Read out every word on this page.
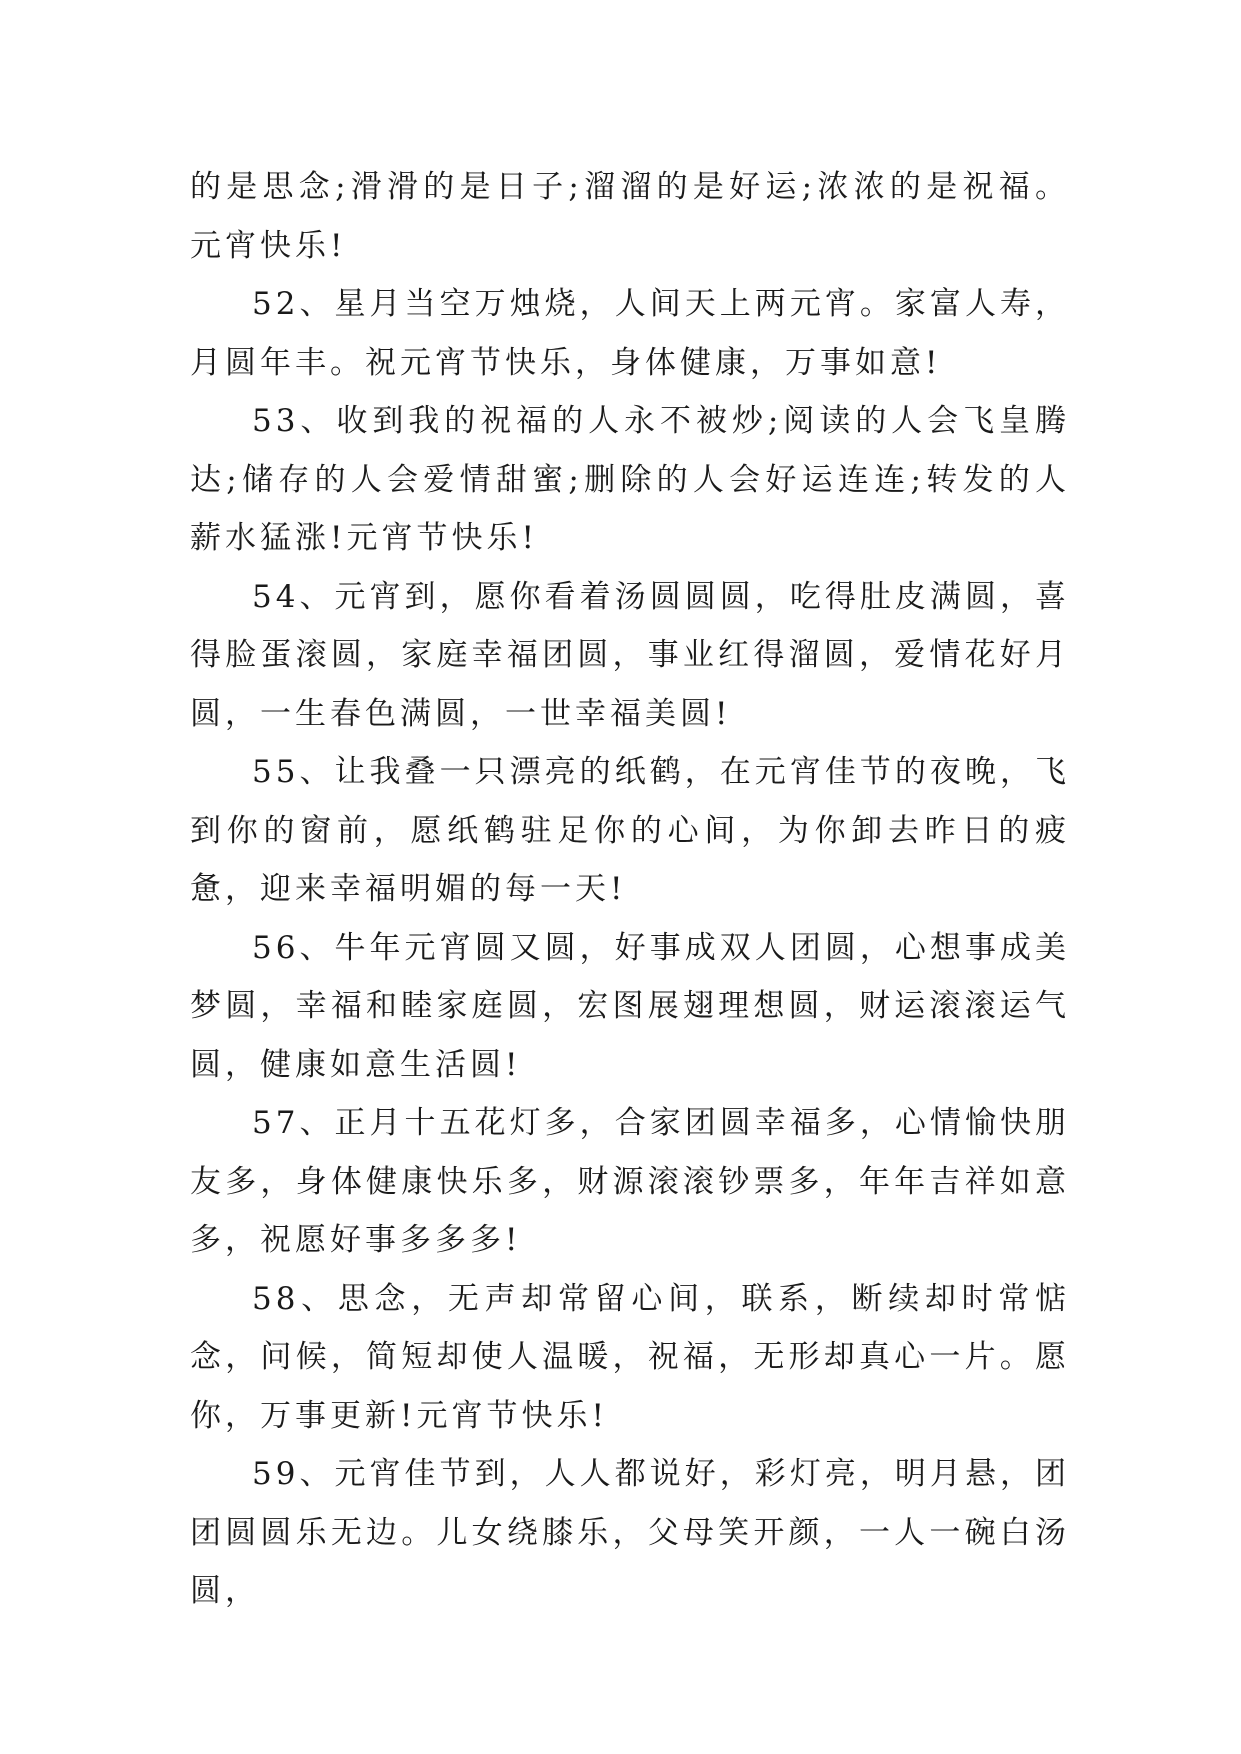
的是思念;滑滑的是日子;溜溜的是好运;浓浓的是祝福。元宵快乐!

52、星月当空万烛烧，人间天上两元宵。家富人寿，月圆年丰。祝元宵节快乐，身体健康，万事如意!

53、收到我的祝福的人永不被炒;阅读的人会飞皇腾达;储存的人会爱情甜蜜;删除的人会好运连连;转发的人薪水猛涨!元宵节快乐!

54、元宵到，愿你看着汤圆圆圆，吃得肚皮满圆，喜得脸蛋滚圆，家庭幸福团圆，事业红得溜圆，爱情花好月圆，一生春色满圆，一世幸福美圆!

55、让我叠一只漂亮的纸鹤，在元宵佳节的夜晚，飞到你的窗前，愿纸鹤驻足你的心间，为你卸去昨日的疲惫，迎来幸福明媚的每一天!

56、牛年元宵圆又圆，好事成双人团圆，心想事成美梦圆，幸福和睦家庭圆，宏图展翅理想圆，财运滚滚运气圆，健康如意生活圆!

57、正月十五花灯多，合家团圆幸福多，心情愉快朋友多，身体健康快乐多，财源滚滚钞票多，年年吉祥如意多，祝愿好事多多多!

58、思念，无声却常留心间，联系，断续却时常惦念，问候，简短却使人温暖，祝福，无形却真心一片。愿你，万事更新!元宵节快乐!

59、元宵佳节到，人人都说好，彩灯亮，明月悬，团团圆圆乐无边。儿女绕膝乐，父母笑开颜，一人一碗白汤圆，
